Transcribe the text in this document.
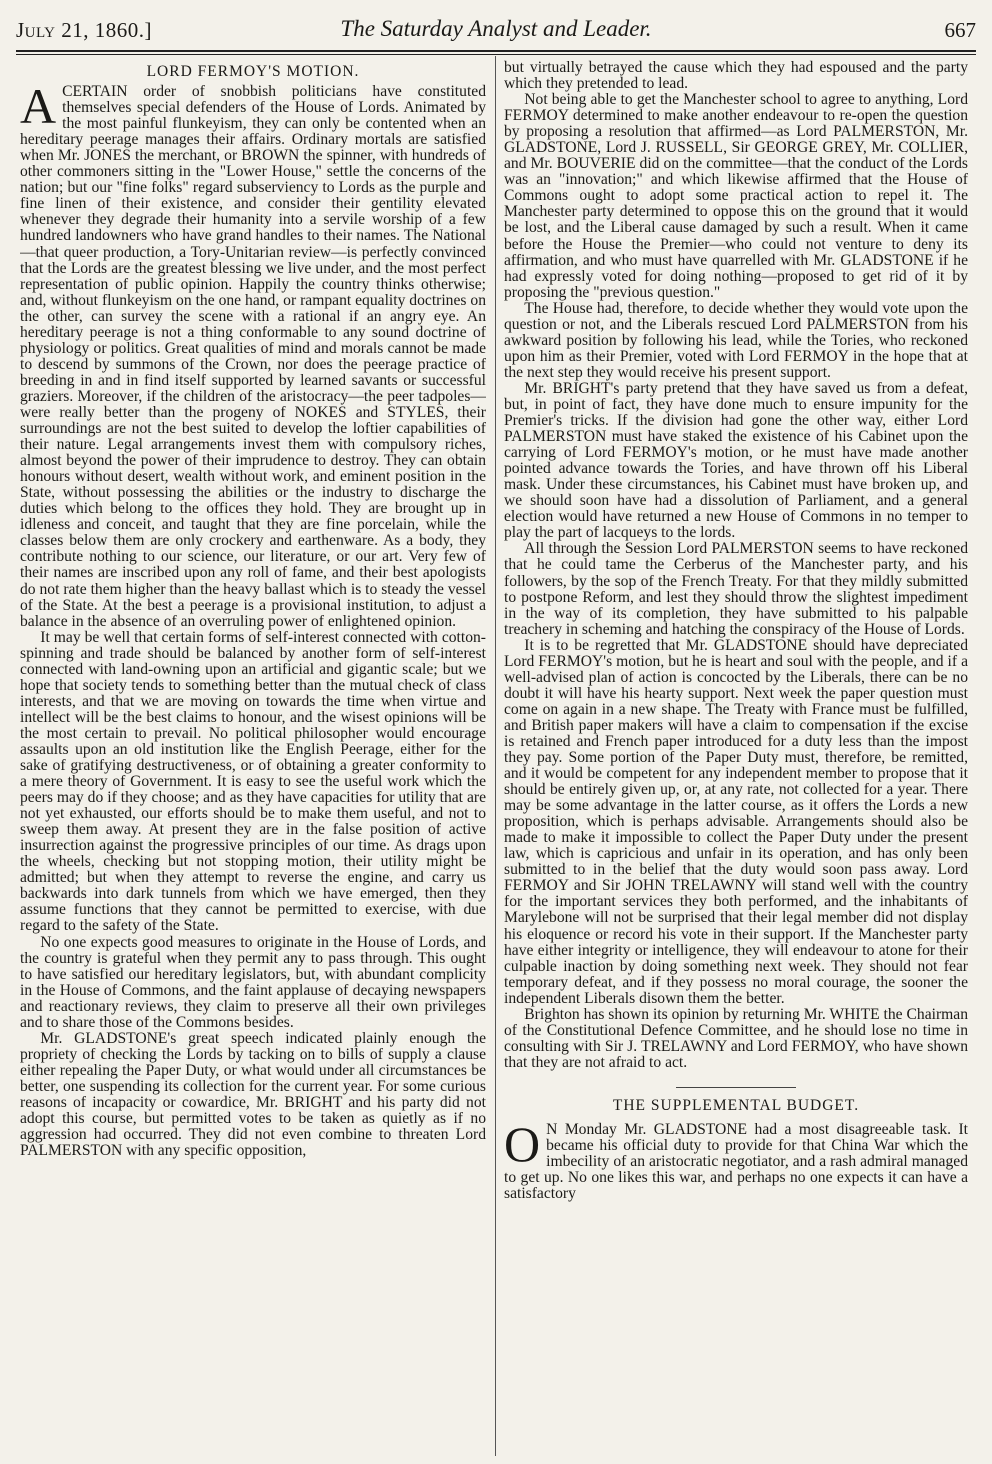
July 21, 1860.]	The Saturday Analyst and Leader.	667
LORD FERMOY'S MOTION.

ACERTAIN order of snobbish politicians have constituted themselves special defenders of the House of Lords. Animated by the most painful flunkeyism, they can only be contented when an hereditary peerage manages their affairs. Ordinary mortals are satisfied when Mr. JONES the merchant, or BROWN the spinner, with hundreds of other commoners sitting in the "Lower House," settle the concerns of the nation; but our "fine folks" regard subserviency to Lords as the purple and fine linen of their existence, and consider their gentility elevated whenever they degrade their humanity into a servile worship of a few hundred landowners who have grand handles to their names. The National—that queer production, a Tory-Unitarian review—is perfectly convinced that the Lords are the greatest blessing we live under, and the most perfect representation of public opinion. Happily the country thinks otherwise; and, without flunkeyism on the one hand, or rampant equality doctrines on the other, can survey the scene with a rational if an angry eye. An hereditary peerage is not a thing conformable to any sound doctrine of physiology or politics. Great qualities of mind and morals cannot be made to descend by summons of the Crown, nor does the peerage practice of breeding in and in find itself supported by learned savants or successful graziers. Moreover, if the children of the aristocracy—the peer tadpoles—were really better than the progeny of NOKES and STYLES, their surroundings are not the best suited to develop the loftier capabilities of their nature. Legal arrangements invest them with compulsory riches, almost beyond the power of their imprudence to destroy. They can obtain honours without desert, wealth without work, and eminent position in the State, without possessing the abilities or the industry to discharge the duties which belong to the offices they hold. They are brought up in idleness and conceit, and taught that they are fine porcelain, while the classes below them are only crockery and earthenware. As a body, they contribute nothing to our science, our literature, or our art. Very few of their names are inscribed upon any roll of fame, and their best apologists do not rate them higher than the heavy ballast which is to steady the vessel of the State. At the best a peerage is a provisional institution, to adjust a balance in the absence of an overruling power of enlightened opinion.

It may be well that certain forms of self-interest connected with cotton-spinning and trade should be balanced by another form of self-interest connected with land-owning upon an artificial and gigantic scale; but we hope that society tends to something better than the mutual check of class interests, and that we are moving on towards the time when virtue and intellect will be the best claims to honour, and the wisest opinions will be the most certain to prevail. No political philosopher would encourage assaults upon an old institution like the English Peerage, either for the sake of gratifying destructiveness, or of obtaining a greater conformity to a mere theory of Government. It is easy to see the useful work which the peers may do if they choose; and as they have capacities for utility that are not yet exhausted, our efforts should be to make them useful, and not to sweep them away. At present they are in the false position of active insurrection against the progressive principles of our time. As drags upon the wheels, checking but not stopping motion, their utility might be admitted; but when they attempt to reverse the engine, and carry us backwards into dark tunnels from which we have emerged, then they assume functions that they cannot be permitted to exercise, with due regard to the safety of the State.

No one expects good measures to originate in the House of Lords, and the country is grateful when they permit any to pass through. This ought to have satisfied our hereditary legislators, but, with abundant complicity in the House of Commons, and the faint applause of decaying newspapers and reactionary reviews, they claim to preserve all their own privileges and to share those of the Commons besides.

Mr. GLADSTONE's great speech indicated plainly enough the propriety of checking the Lords by tacking on to bills of supply a clause either repealing the Paper Duty, or what would under all circumstances be better, one suspending its collection for the current year. For some curious reasons of incapacity or cowardice, Mr. BRIGHT and his party did not adopt this course, but permitted votes to be taken as quietly as if no aggression had occurred. They did not even combine to threaten Lord PALMERSTON with any specific opposition,

but virtually betrayed the cause which they had espoused and the party which they pretended to lead.

Not being able to get the Manchester school to agree to anything, Lord FERMOY determined to make another endeavour to re-open the question by proposing a resolution that affirmed—as Lord PALMERSTON, Mr. GLADSTONE, Lord J. RUSSELL, Sir GEORGE GREY, Mr. COLLIER, and Mr. BOUVERIE did on the committee—that the conduct of the Lords was an "innovation;" and which likewise affirmed that the House of Commons ought to adopt some practical action to repel it. The Manchester party determined to oppose this on the ground that it would be lost, and the Liberal cause damaged by such a result. When it came before the House the Premier—who could not venture to deny its affirmation, and who must have quarrelled with Mr. GLADSTONE if he had expressly voted for doing nothing—proposed to get rid of it by proposing the "previous question."

The House had, therefore, to decide whether they would vote upon the question or not, and the Liberals rescued Lord PALMERSTON from his awkward position by following his lead, while the Tories, who reckoned upon him as their Premier, voted with Lord FERMOY in the hope that at the next step they would receive his present support.

Mr. BRIGHT's party pretend that they have saved us from a defeat, but, in point of fact, they have done much to ensure impunity for the Premier's tricks. If the division had gone the other way, either Lord PALMERSTON must have staked the existence of his Cabinet upon the carrying of Lord FERMOY's motion, or he must have made another pointed advance towards the Tories, and have thrown off his Liberal mask. Under these circumstances, his Cabinet must have broken up, and we should soon have had a dissolution of Parliament, and a general election would have returned a new House of Commons in no temper to play the part of lacqueys to the lords.

All through the Session Lord PALMERSTON seems to have reckoned that he could tame the Cerberus of the Manchester party, and his followers, by the sop of the French Treaty. For that they mildly submitted to postpone Reform, and lest they should throw the slightest impediment in the way of its completion, they have submitted to his palpable treachery in scheming and hatching the conspiracy of the House of Lords.

It is to be regretted that Mr. GLADSTONE should have depreciated Lord FERMOY's motion, but he is heart and soul with the people, and if a well-advised plan of action is concocted by the Liberals, there can be no doubt it will have his hearty support. Next week the paper question must come on again in a new shape. The Treaty with France must be fulfilled, and British paper makers will have a claim to compensation if the excise is retained and French paper introduced for a duty less than the impost they pay. Some portion of the Paper Duty must, therefore, be remitted, and it would be competent for any independent member to propose that it should be entirely given up, or, at any rate, not collected for a year. There may be some advantage in the latter course, as it offers the Lords a new proposition, which is perhaps advisable. Arrangements should also be made to make it impossible to collect the Paper Duty under the present law, which is capricious and unfair in its operation, and has only been submitted to in the belief that the duty would soon pass away. Lord FERMOY and Sir JOHN TRELAWNY will stand well with the country for the important services they both performed, and the inhabitants of Marylebone will not be surprised that their legal member did not display his eloquence or record his vote in their support. If the Manchester party have either integrity or intelligence, they will endeavour to atone for their culpable inaction by doing something next week. They should not fear temporary defeat, and if they possess no moral courage, the sooner the independent Liberals disown them the better.

Brighton has shown its opinion by returning Mr. WHITE the Chairman of the Constitutional Defence Committee, and he should lose no time in consulting with Sir J. TRELAWNY and Lord FERMOY, who have shown that they are not afraid to act.

THE SUPPLEMENTAL BUDGET.

O N Monday Mr. GLADSTONE had a most disagreeable task. It became his official duty to provide for that China War which the imbecility of an aristocratic negotiator, and a rash admiral managed to get up. No one likes this war, and perhaps no one expects it can have a satisfactory
